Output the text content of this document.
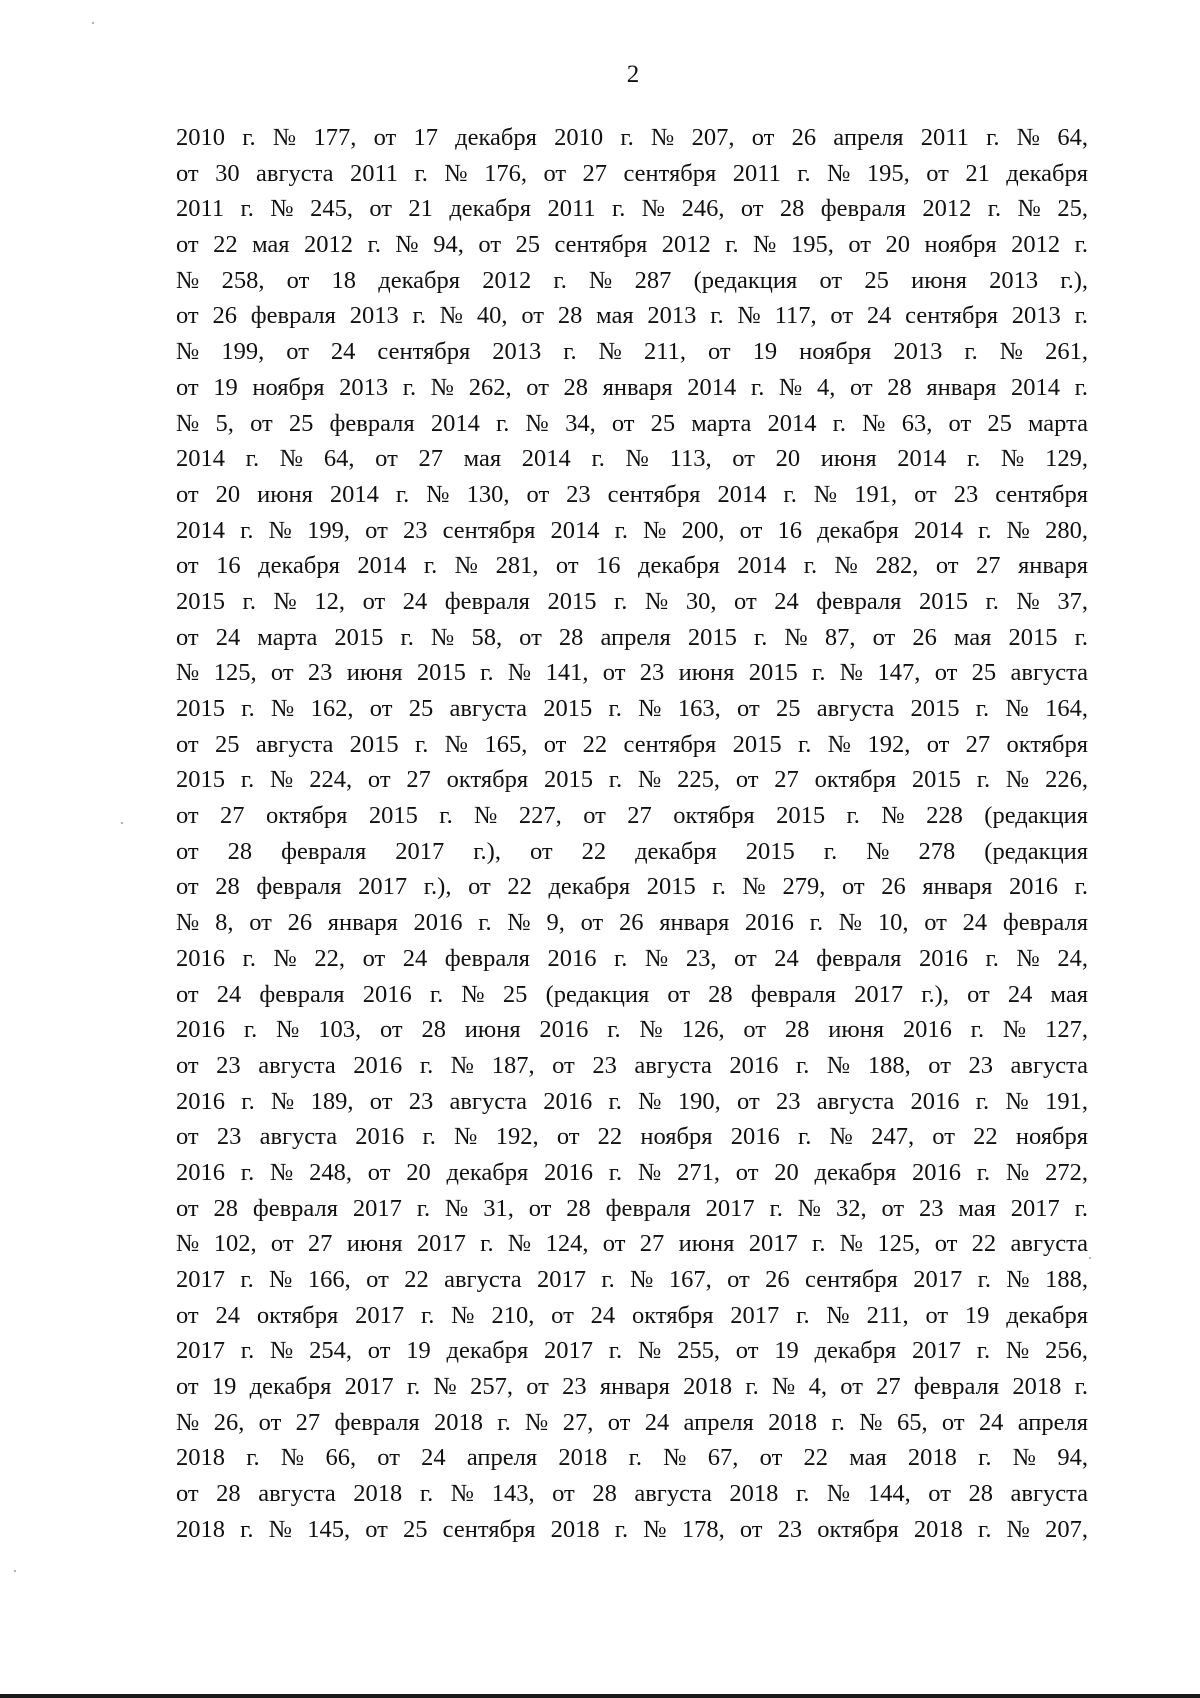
2
2010 г. № 177, от 17 декабря 2010 г. № 207, от 26 апреля 2011 г. № 64,
от 30 августа 2011 г. № 176, от 27 сентября 2011 г. № 195, от 21 декабря
2011 г. № 245, от 21 декабря 2011 г. № 246, от 28 февраля 2012 г. № 25,
от 22 мая 2012 г. № 94, от 25 сентября 2012 г. № 195, от 20 ноября 2012 г.
№ 258, от 18 декабря 2012 г. № 287 (редакция от 25 июня 2013 г.),
от 26 февраля 2013 г. № 40, от 28 мая 2013 г. № 117, от 24 сентября 2013 г.
№ 199, от 24 сентября 2013 г. № 211, от 19 ноября 2013 г. № 261,
от 19 ноября 2013 г. № 262, от 28 января 2014 г. № 4, от 28 января 2014 г.
№ 5, от 25 февраля 2014 г. № 34, от 25 марта 2014 г. № 63, от 25 марта
2014 г. № 64, от 27 мая 2014 г. № 113, от 20 июня 2014 г. № 129,
от 20 июня 2014 г. № 130, от 23 сентября 2014 г. № 191, от 23 сентября
2014 г. № 199, от 23 сентября 2014 г. № 200, от 16 декабря 2014 г. № 280,
от 16 декабря 2014 г. № 281, от 16 декабря 2014 г. № 282, от 27 января
2015 г. № 12, от 24 февраля 2015 г. № 30, от 24 февраля 2015 г. № 37,
от 24 марта 2015 г. № 58, от 28 апреля 2015 г. № 87, от 26 мая 2015 г.
№ 125, от 23 июня 2015 г. № 141, от 23 июня 2015 г. № 147, от 25 августа
2015 г. № 162, от 25 августа 2015 г. № 163, от 25 августа 2015 г. № 164,
от 25 августа 2015 г. № 165, от 22 сентября 2015 г. № 192, от 27 октября
2015 г. № 224, от 27 октября 2015 г. № 225, от 27 октября 2015 г. № 226,
от 27 октября 2015 г. № 227, от 27 октября 2015 г. № 228 (редакция
от 28 февраля 2017 г.), от 22 декабря 2015 г. № 278 (редакция
от 28 февраля 2017 г.), от 22 декабря 2015 г. № 279, от 26 января 2016 г.
№ 8, от 26 января 2016 г. № 9, от 26 января 2016 г. № 10, от 24 февраля
2016 г. № 22, от 24 февраля 2016 г. № 23, от 24 февраля 2016 г. № 24,
от 24 февраля 2016 г. № 25 (редакция от 28 февраля 2017 г.), от 24 мая
2016 г. № 103, от 28 июня 2016 г. № 126, от 28 июня 2016 г. № 127,
от 23 августа 2016 г. № 187, от 23 августа 2016 г. № 188, от 23 августа
2016 г. № 189, от 23 августа 2016 г. № 190, от 23 августа 2016 г. № 191,
от 23 августа 2016 г. № 192, от 22 ноября 2016 г. № 247, от 22 ноября
2016 г. № 248, от 20 декабря 2016 г. № 271, от 20 декабря 2016 г. № 272,
от 28 февраля 2017 г. № 31, от 28 февраля 2017 г. № 32, от 23 мая 2017 г.
№ 102, от 27 июня 2017 г. № 124, от 27 июня 2017 г. № 125, от 22 августа
2017 г. № 166, от 22 августа 2017 г. № 167, от 26 сентября 2017 г. № 188,
от 24 октября 2017 г. № 210, от 24 октября 2017 г. № 211, от 19 декабря
2017 г. № 254, от 19 декабря 2017 г. № 255, от 19 декабря 2017 г. № 256,
от 19 декабря 2017 г. № 257, от 23 января 2018 г. № 4, от 27 февраля 2018 г.
№ 26, от 27 февраля 2018 г. № 27, от 24 апреля 2018 г. № 65, от 24 апреля
2018 г. № 66, от 24 апреля 2018 г. № 67, от 22 мая 2018 г. № 94,
от 28 августа 2018 г. № 143, от 28 августа 2018 г. № 144, от 28 августа
2018 г. № 145, от 25 сентября 2018 г. № 178, от 23 октября 2018 г. № 207,
